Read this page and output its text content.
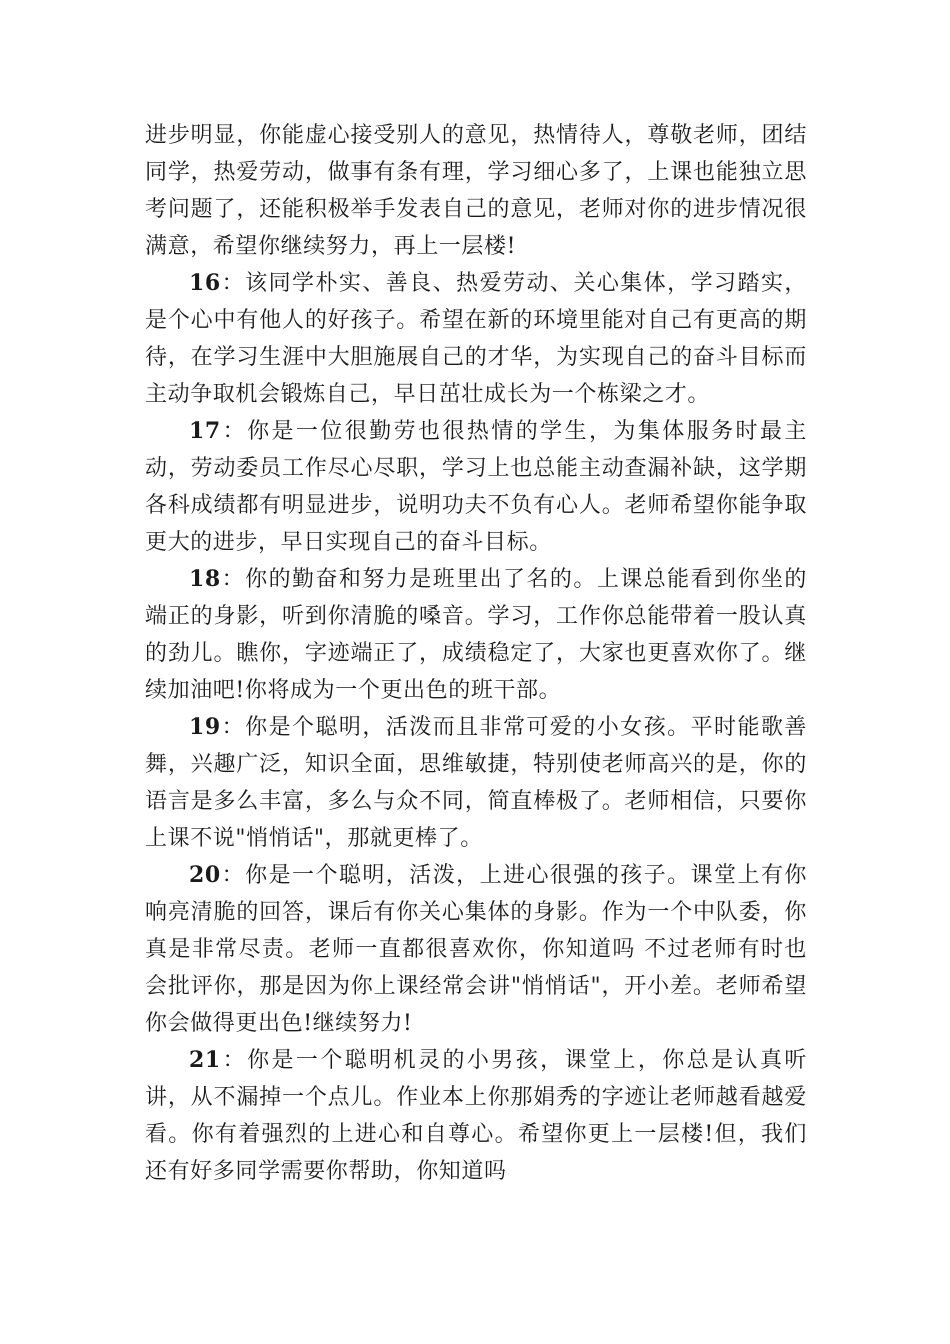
进步明显，你能虚心接受别人的意见，热情待人，尊敬老师，团结同学，热爱劳动，做事有条有理，学习细心多了，上课也能独立思考问题了，还能积极举手发表自己的意见，老师对你的进步情况很满意，希望你继续努力，再上一层楼!

16：该同学朴实、善良、热爱劳动、关心集体，学习踏实，是个心中有他人的好孩子。希望在新的环境里能对自己有更高的期待，在学习生涯中大胆施展自己的才华，为实现自己的奋斗目标而主动争取机会锻炼自己，早日茁壮成长为一个栋梁之才。

17：你是一位很勤劳也很热情的学生，为集体服务时最主动，劳动委员工作尽心尽职，学习上也总能主动查漏补缺，这学期各科成绩都有明显进步，说明功夫不负有心人。老师希望你能争取更大的进步，早日实现自己的奋斗目标。

18：你的勤奋和努力是班里出了名的。上课总能看到你坐的端正的身影，听到你清脆的嗓音。学习，工作你总能带着一股认真的劲儿。瞧你，字迹端正了，成绩稳定了，大家也更喜欢你了。继续加油吧!你将成为一个更出色的班干部。

19：你是个聪明，活泼而且非常可爱的小女孩。平时能歌善舞，兴趣广泛，知识全面，思维敏捷，特别使老师高兴的是，你的语言是多么丰富，多么与众不同，简直棒极了。老师相信，只要你上课不说"悄悄话"，那就更棒了。

20：你是一个聪明，活泼，上进心很强的孩子。课堂上有你响亮清脆的回答，课后有你关心集体的身影。作为一个中队委，你真是非常尽责。老师一直都很喜欢你，你知道吗 不过老师有时也会批评你，那是因为你上课经常会讲"悄悄话"，开小差。老师希望你会做得更出色!继续努力!

21：你是一个聪明机灵的小男孩，课堂上，你总是认真听讲，从不漏掉一个点儿。作业本上你那娟秀的字迹让老师越看越爱看。你有着强烈的上进心和自尊心。希望你更上一层楼!但，我们还有好多同学需要你帮助，你知道吗
